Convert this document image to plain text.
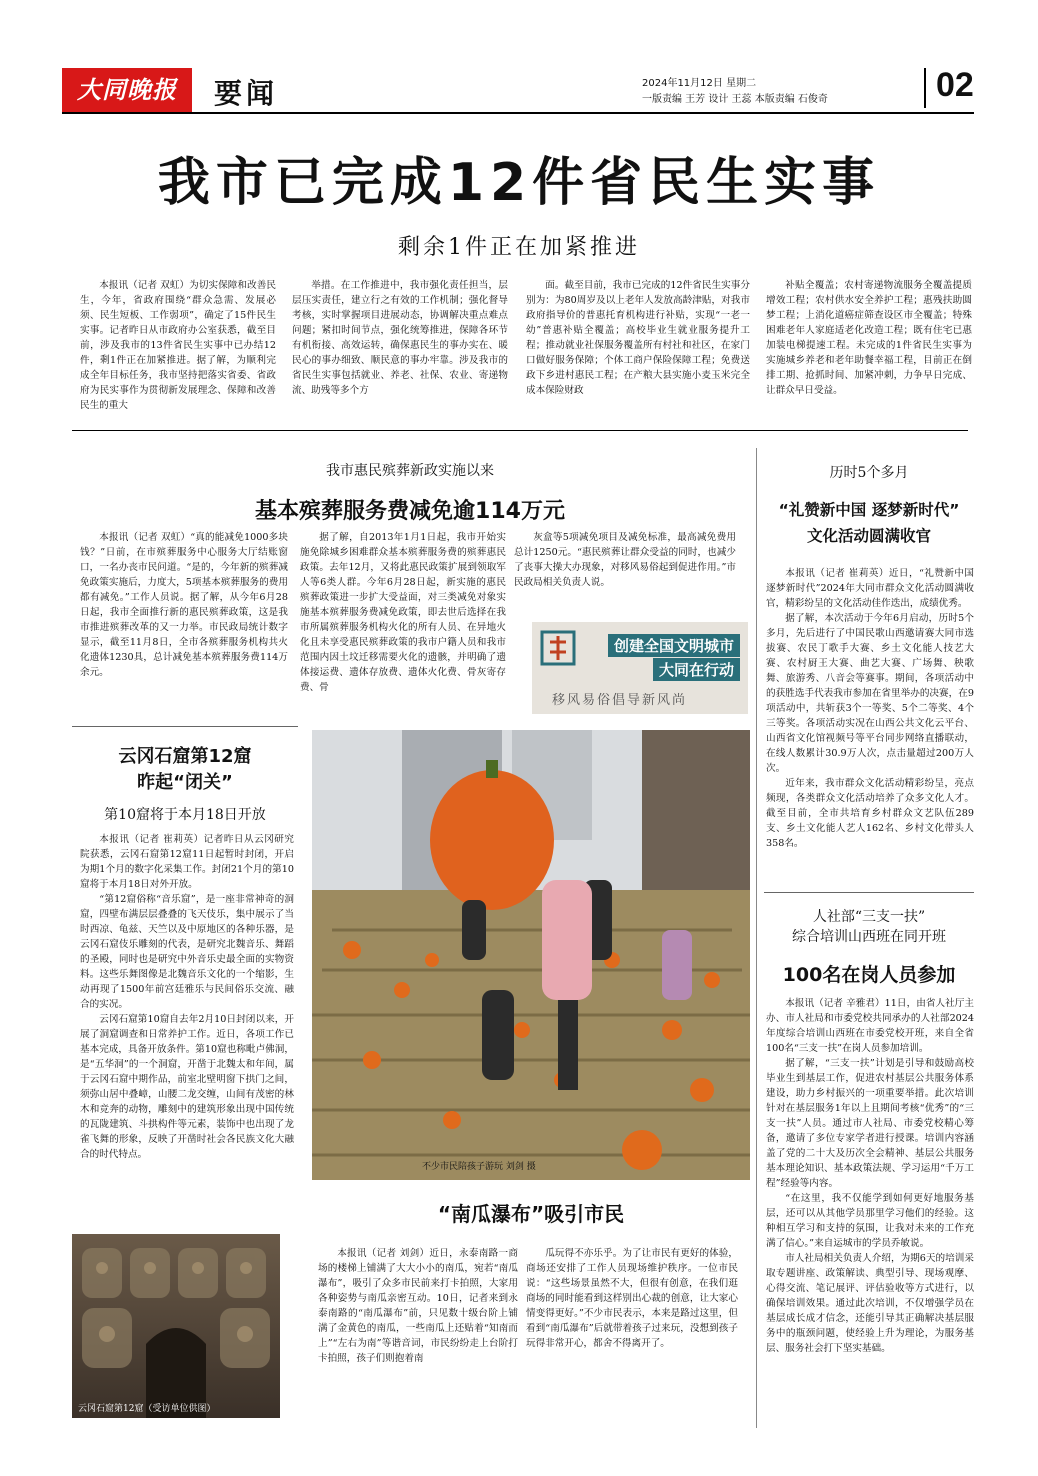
大同晚报	要闻	2024年11月12日 星期二
一版责编 王芳 设计 王蕊 本版责编 石俊奇	02
我市已完成12件省民生实事
剩余1件正在加紧推进
本报讯（记者 双虹）为切实保障和改善民生，今年，省政府围绕“群众急需、发展必须、民生短板、工作弱项”，确定了15件民生实事。记者昨日从市政府办公室获悉，截至目前，涉及我市的13件省民生实事中已办结12件，剩1件正在加紧推进。据了解，为顺利完成全年目标任务，我市坚持把落实省委、省政府为民实事作为贯彻新发展理念、保障和改善民生的重大
举措。在工作推进中，我市强化责任担当，层层压实责任，建立行之有效的工作机制；强化督导考核，实时掌握项目进展动态，协调解决重点难点问题；紧扣时间节点，强化统筹推进，保障各环节有机衔接、高效运转，确保惠民生的事办实在、暖民心的事办细致、顺民意的事办牢靠。涉及我市的省民生实事包括就业、养老、社保、农业、寄递物流、助残等多个方
面。截至目前，我市已完成的12件省民生实事分别为：为80周岁及以上老年人发放高龄津贴，对我市政府指导价的普惠托育机构进行补贴，实现“一老一幼”普惠补贴全覆盖；高校毕业生就业服务提升工程；推动就业社保服务覆盖所有村社和社区，在家门口做好服务保障；个体工商户保险保障工程；免费送政下乡进村惠民工程；在产粮大县实施小麦玉米完全成本保险财政
补贴全覆盖；农村寄递物流服务全覆盖提质增效工程；农村供水安全养护工程；惠残扶助圆梦工程；上消化道癌症筛查设区市全覆盖；特殊困难老年人家庭适老化改造工程；既有住宅已惠加装电梯提速工程。未完成的1件省民生实事为实施城乡养老和老年助餐幸福工程，目前正在倒排工期、抢抓时间、加紧冲刺，力争早日完成、让群众早日受益。
我市惠民殡葬新政实施以来
基本殡葬服务费减免逾114万元
本报讯（记者 双虹）“真的能减免1000多块钱？”日前，在市殡葬服务中心服务大厅结账窗口，一名办丧市民问道。“是的，今年新的殡葬减免政策实施后，力度大，5项基本殡葬服务的费用都有减免。”工作人员说。据了解，从今年6月28日起，我市全面推行新的惠民殡葬政策，这是我市推进殡葬改革的又一力举。市民政局统计数字显示，截至11月8日，全市各殡葬服务机构共火化遗体1230具，总计减免基本殡葬服务费114万余元。
据了解，自2013年1月1日起，我市开始实施免除城乡困难群众基本殡葬服务费的殡葬惠民政策。去年12月，又将此惠民政策扩展到领取军人等6类人群。今年6月28日起，新实施的惠民殡葬政策进一步扩大受益面，对三类减免对象实施基本殡葬服务费减免政策，即去世后选择在我市所属殡葬服务机构火化的所有人员、在异地火化且未享受惠民殡葬政策的我市户籍人员和我市范围内因土坟迁移需要火化的遗骸，并明确了遗体接运费、遗体存放费、遗体火化费、骨灰寄存费、骨
灰盒等5项减免项目及减免标准，最高减免费用总计1250元。“惠民殡葬让群众受益的同时，也减少了丧事大操大办现象，对移风易俗起到促进作用。”市民政局相关负责人说。
创建全国文明城市
大同在行动
移风易俗倡导新风尚
历时5个多月
“礼赞新中国 逐梦新时代”
文化活动圆满收官

本报讯（记者 崔莉英）近日，“礼赞新中国 逐梦新时代”2024年大同市群众文化活动圆满收官，精彩纷呈的文化活动佳作迭出，成绩优秀。

据了解，本次活动于今年6月启动，历时5个多月，先后进行了中国民歌山西邀请赛大同市选拔赛、农民丁歌手大赛、乡土文化能人技艺大赛、农村厨王大赛、曲艺大赛、广场舞、秧歌舞、旅游秀、八音会等赛事。期间，各项活动中的获胜选手代表我市参加在省里举办的决赛，在9项活动中，共斩获3个一等奖、5个二等奖、4个三等奖。各项活动实况在山西公共文化云平台、山西省文化馆视频号等平台同步网络直播联动，在线人数累计30.9万人次，点击量超过200万人次。

近年来，我市群众文化活动精彩纷呈，亮点频现，各类群众文化活动培养了众多文化人才。截至目前，全市共培育乡村群众文艺队伍289支、乡土文化能人艺人162名、乡村文化带头人358名。

人社部“三支一扶”
综合培训山西班在同开班
100名在岗人员参加

本报讯（记者 辛雅君）11日，由省人社厅主办、市人社局和市委党校共同承办的人社部2024年度综合培训山西班在市委党校开班，来自全省100名“三支一扶”在岗人员参加培训。

据了解，“三支一扶”计划是引导和鼓励高校毕业生到基层工作，促进农村基层公共服务体系建设，助力乡村振兴的一项重要举措。此次培训针对在基层服务1年以上且期间考核“优秀”的“三支一扶”人员。通过市人社局、市委党校精心筹备，邀请了多位专家学者进行授课。培训内容涵盖了党的二十大及历次全会精神、基层公共服务基本理论知识、基本政策法规、学习运用“千万工程”经验等内容。

“在这里，我不仅能学到如何更好地服务基层，还可以从其他学员那里学习他们的经验。这种相互学习和支持的氛围，让我对未来的工作充满了信心。”来自运城市的学员乔敏说。

市人社局相关负责人介绍，为期6天的培训采取专题讲座、政策解读、典型引导、现场观摩、心得交流、笔记展评、评估验收等方式进行，以确保培训效果。通过此次培训，不仅增强学员在基层成长成才信念，还能引导其正确解决基层服务中的瓶颈问题，使经验上升为理论，为服务基层、服务社会打下坚实基础。

云冈石窟第12窟
昨起“闭关”
第10窟将于本月18日开放

本报讯（记者 崔莉英）记者昨日从云冈研究院获悉，云冈石窟第12窟11日起暂时封闭，开启为期1个月的数字化采集工作。封闭21个月的第10窟将于本月18日对外开放。

“第12窟俗称“音乐窟”，是一座非常神奇的洞窟，四壁布满层层叠叠的飞天伎乐，集中展示了当时西凉、龟兹、天竺以及中原地区的各种乐器，是云冈石窟伎乐雕刻的代表，是研究北魏音乐、舞蹈的圣殿，同时也是研究中外音乐史最全面的实物资料。这些乐舞图像是北魏音乐文化的一个缩影，生动再现了1500年前宫廷雅乐与民间俗乐交流、融合的实况。

云冈石窟第10窟自去年2月10日封闭以来，开展了洞窟调查和日常养护工作。近日，各项工作已基本完成，具备开放条件。第10窟也称毗卢佛洞，是“五华洞”的一个洞窟，开凿于北魏太和年间，属于云冈石窟中期作品，前室北壁明窗下拱门之间，须弥山居中叠嶂，山腰二龙交缠，山间有茂密的林木和竞奔的动物，雕刻中的建筑形象出现中国传统的瓦陇建筑、斗拱构件等元素，装饰中也出现了龙雀飞舞的形象，反映了开凿时社会各民族文化大融合的时代特点。

云冈石窟第12窟（受访单位供图）
不少市民陪孩子游玩 刘剑 摄
“南瓜瀑布”吸引市民
本报讯（记者 刘剑）近日，永泰南路一商场的楼梯上铺满了大大小小的南瓜，宛若“南瓜瀑布”，吸引了众多市民前来打卡拍照，大家用各种姿势与南瓜亲密互动。10日，记者来到永泰南路的“南瓜瀑布”前，只见数十级台阶上铺满了金黄色的南瓜，一些南瓜上还贴着“知南而上”“左右为南”等谐音词，市民纷纷走上台阶打卡拍照，孩子们则抱着南
瓜玩得不亦乐乎。为了让市民有更好的体验，商场还安排了工作人员现场维护秩序。一位市民说：“这些场景虽然不大，但很有创意，在我们逛商场的同时能看到这样别出心裁的创意，让大家心情变得更好。”不少市民表示，本来是路过这里，但看到“南瓜瀑布”后就带着孩子过来玩，没想到孩子玩得非常开心，都舍不得离开了。
